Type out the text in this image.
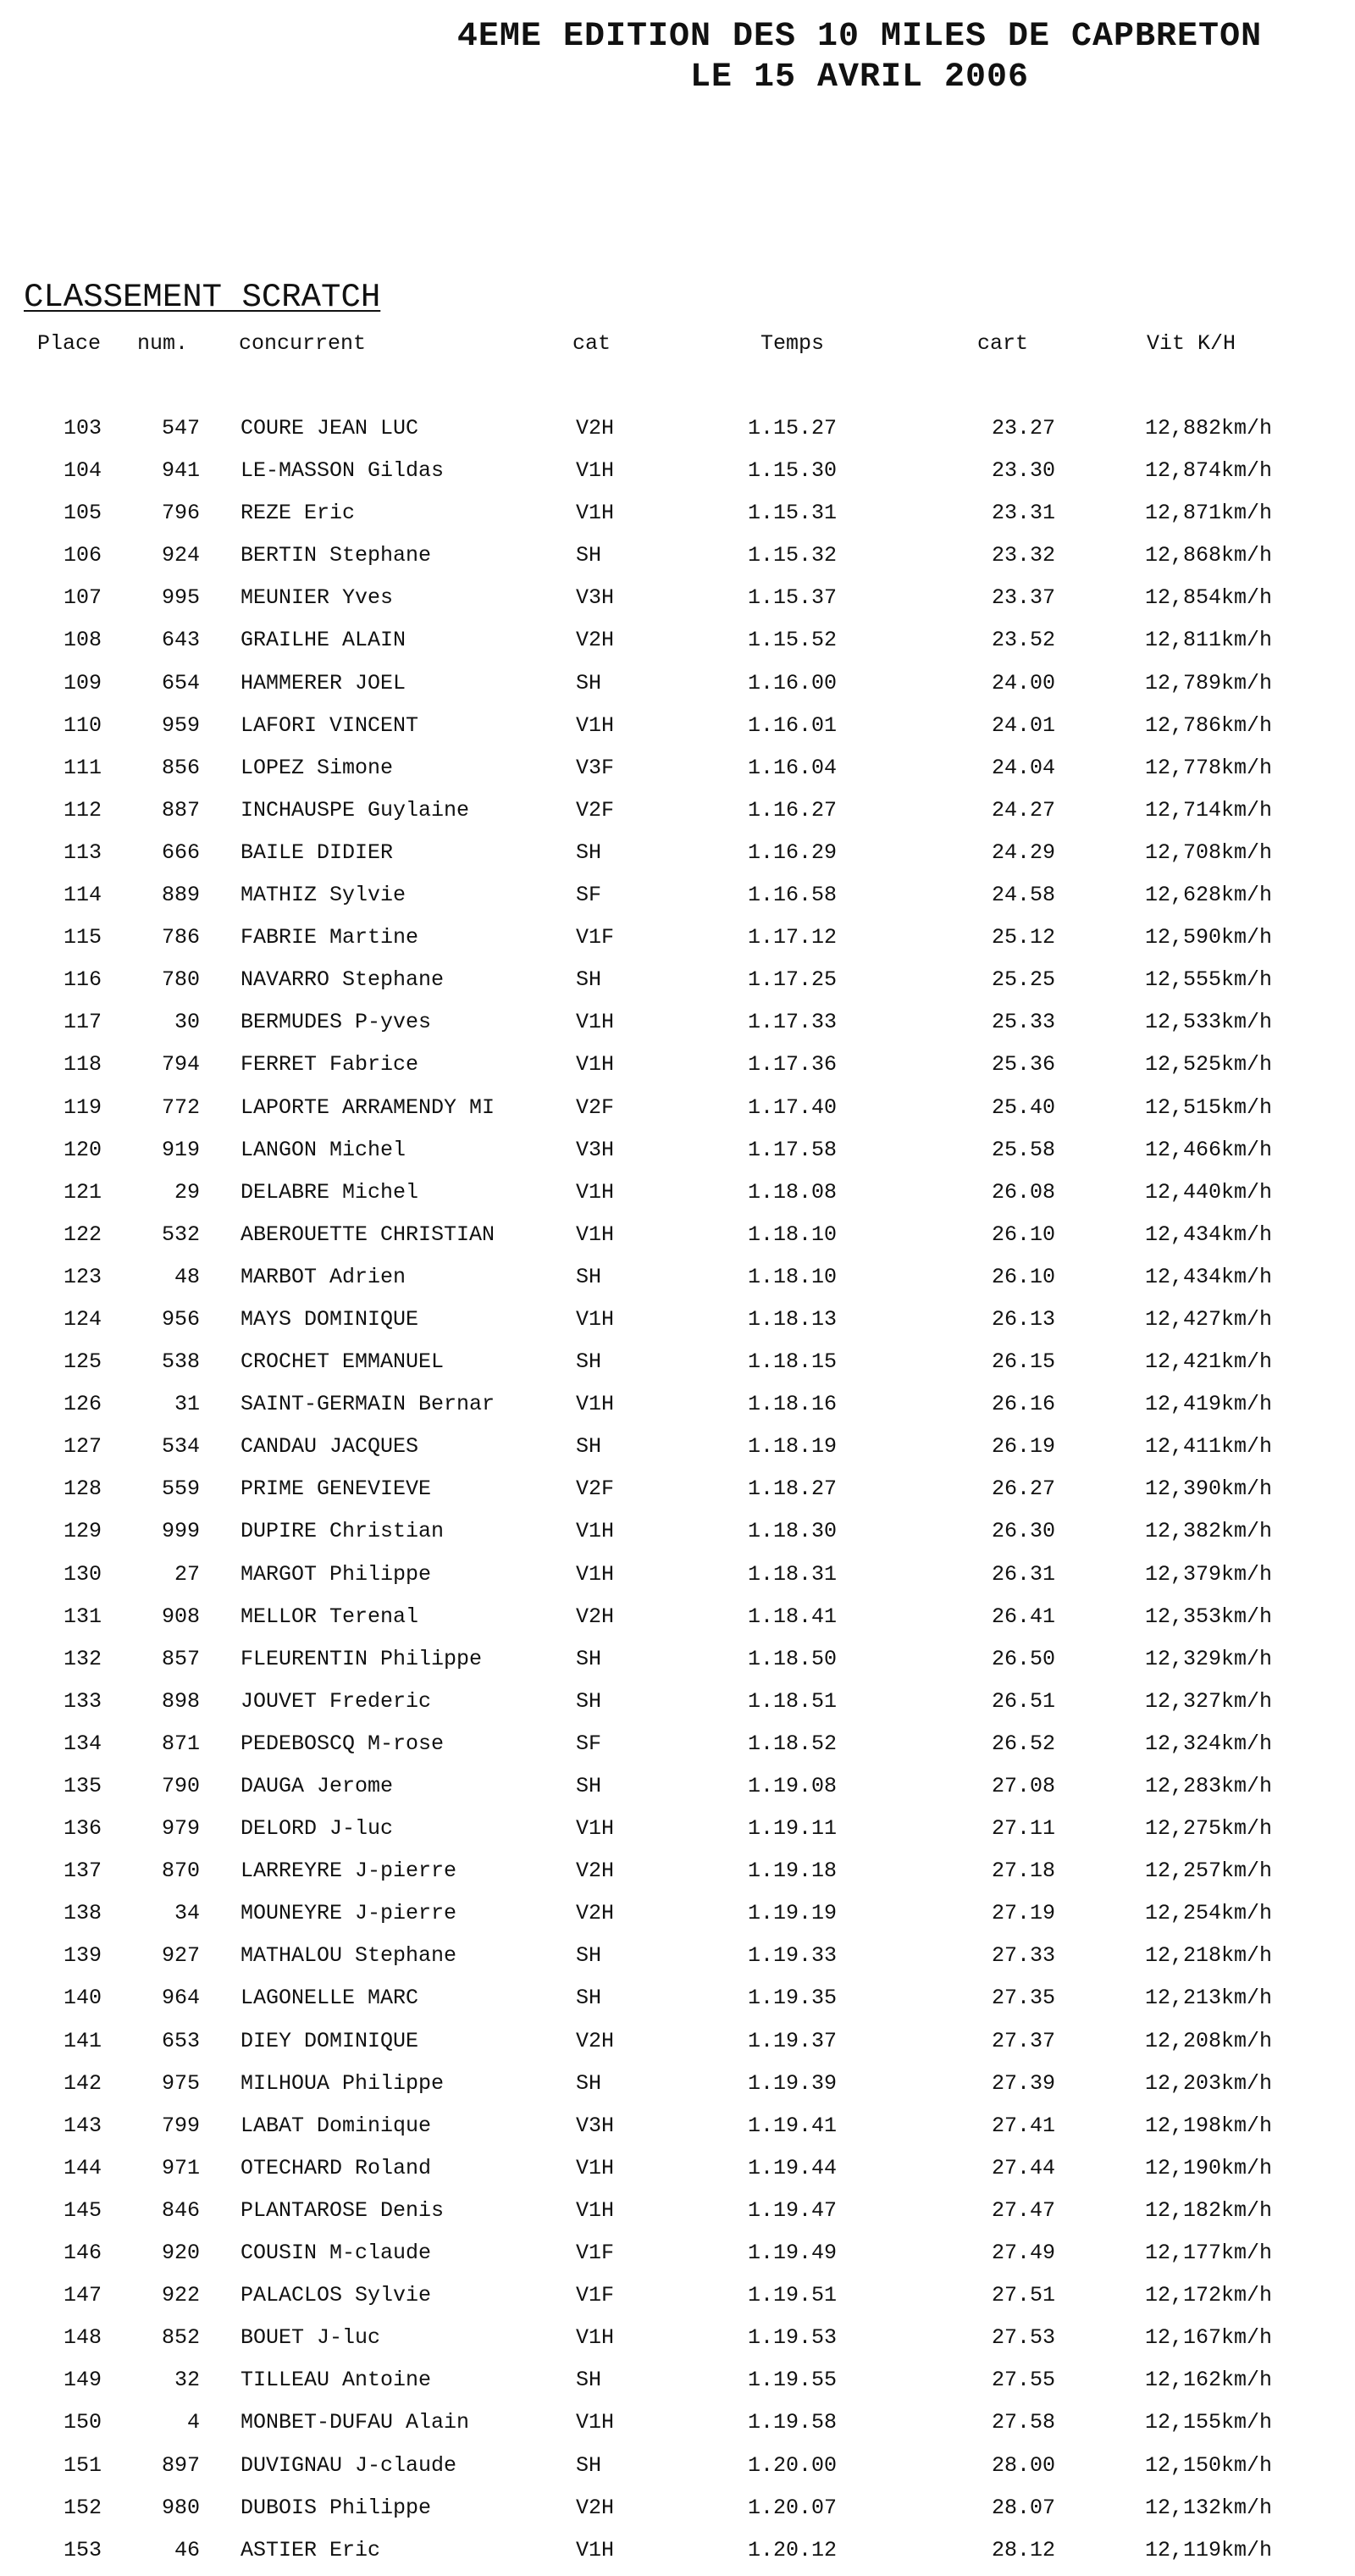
4EME EDITION DES 10 MILES DE CAPBRETON
LE 15 AVRIL 2006
CLASSEMENT SCRATCH
Place num. concurrent	cat	Temps	cart	Vit K/H
103	547 COURE JEAN LUC	V2H	1.15.27	23.27	12,882km/h
104	941 LE-MASSON Gildas	V1H	1.15.30	23.30	12,874km/h
105	796 REZE Eric	V1H	1.15.31	23.31	12,871km/h
106	924 BERTIN Stephane	SH	1.15.32	23.32	12,868km/h
107	995 MEUNIER Yves	V3H	1.15.37	23.37	12,854km/h
108	643 GRAILHE ALAIN	V2H	1.15.52	23.52	12,811km/h
109	654 HAMMERER JOEL	SH	1.16.00	24.00	12,789km/h
110	959 LAFORI VINCENT	V1H	1.16.01	24.01	12,786km/h
111	856 LOPEZ Simone	V3F	1.16.04	24.04	12,778km/h
112	887 INCHAUSPE Guylaine	V2F	1.16.27	24.27	12,714km/h
113	666 BAILE DIDIER	SH	1.16.29	24.29	12,708km/h
114	889 MATHIZ Sylvie	SF	1.16.58	24.58	12,628km/h
115	786 FABRIE Martine	V1F	1.17.12	25.12	12,590km/h
116	780 NAVARRO Stephane	SH	1.17.25	25.25	12,555km/h
117	30 BERMUDES P-yves	V1H	1.17.33	25.33	12,533km/h
118	794 FERRET Fabrice	V1H	1.17.36	25.36	12,525km/h
119	772 LAPORTE ARRAMENDY MI	V2F	1.17.40	25.40	12,515km/h
120	919 LANGON Michel	V3H	1.17.58	25.58	12,466km/h
121	29 DELABRE Michel	V1H	1.18.08	26.08	12,440km/h
122	532 ABEROUETTE CHRISTIAN	V1H	1.18.10	26.10	12,434km/h
123	48 MARBOT Adrien	SH	1.18.10	26.10	12,434km/h
124	956 MAYS DOMINIQUE	V1H	1.18.13	26.13	12,427km/h
125	538 CROCHET EMMANUEL	SH	1.18.15	26.15	12,421km/h
126	31 SAINT-GERMAIN Bernar	V1H	1.18.16	26.16	12,419km/h
127	534 CANDAU JACQUES	SH	1.18.19	26.19	12,411km/h
128	559 PRIME GENEVIEVE	V2F	1.18.27	26.27	12,390km/h
129	999 DUPIRE Christian	V1H	1.18.30	26.30	12,382km/h
130	27 MARGOT Philippe	V1H	1.18.31	26.31	12,379km/h
131	908 MELLOR Terenal	V2H	1.18.41	26.41	12,353km/h
132	857 FLEURENTIN Philippe	SH	1.18.50	26.50	12,329km/h
133	898 JOUVET Frederic	SH	1.18.51	26.51	12,327km/h
134	871 PEDEBOSCQ M-rose	SF	1.18.52	26.52	12,324km/h
135	790 DAUGA Jerome	SH	1.19.08	27.08	12,283km/h
136	979 DELORD J-luc	V1H	1.19.11	27.11	12,275km/h
137	870 LARREYRE J-pierre	V2H	1.19.18	27.18	12,257km/h
138	34 MOUNEYRE J-pierre	V2H	1.19.19	27.19	12,254km/h
139	927 MATHALOU Stephane	SH	1.19.33	27.33	12,218km/h
140	964 LAGONELLE MARC	SH	1.19.35	27.35	12,213km/h
141	653 DIEY DOMINIQUE	V2H	1.19.37	27.37	12,208km/h
142	975 MILHOUA Philippe	SH	1.19.39	27.39	12,203km/h
143	799 LABAT Dominique	V3H	1.19.41	27.41	12,198km/h
144	971 OTECHARD Roland	V1H	1.19.44	27.44	12,190km/h
145	846 PLANTAROSE Denis	V1H	1.19.47	27.47	12,182km/h
146	920 COUSIN M-claude	V1F	1.19.49	27.49	12,177km/h
147	922 PALACLOS Sylvie	V1F	1.19.51	27.51	12,172km/h
148	852 BOUET J-luc	V1H	1.19.53	27.53	12,167km/h
149	32 TILLEAU Antoine	SH	1.19.55	27.55	12,162km/h
150	4 MONBET-DUFAU Alain	V1H	1.19.58	27.58	12,155km/h
151	897 DUVIGNAU J-claude	SH	1.20.00	28.00	12,150km/h
152	980 DUBOIS Philippe	V2H	1.20.07	28.07	12,132km/h
153	46 ASTIER Eric	V1H	1.20.12	28.12	12,119km/h
